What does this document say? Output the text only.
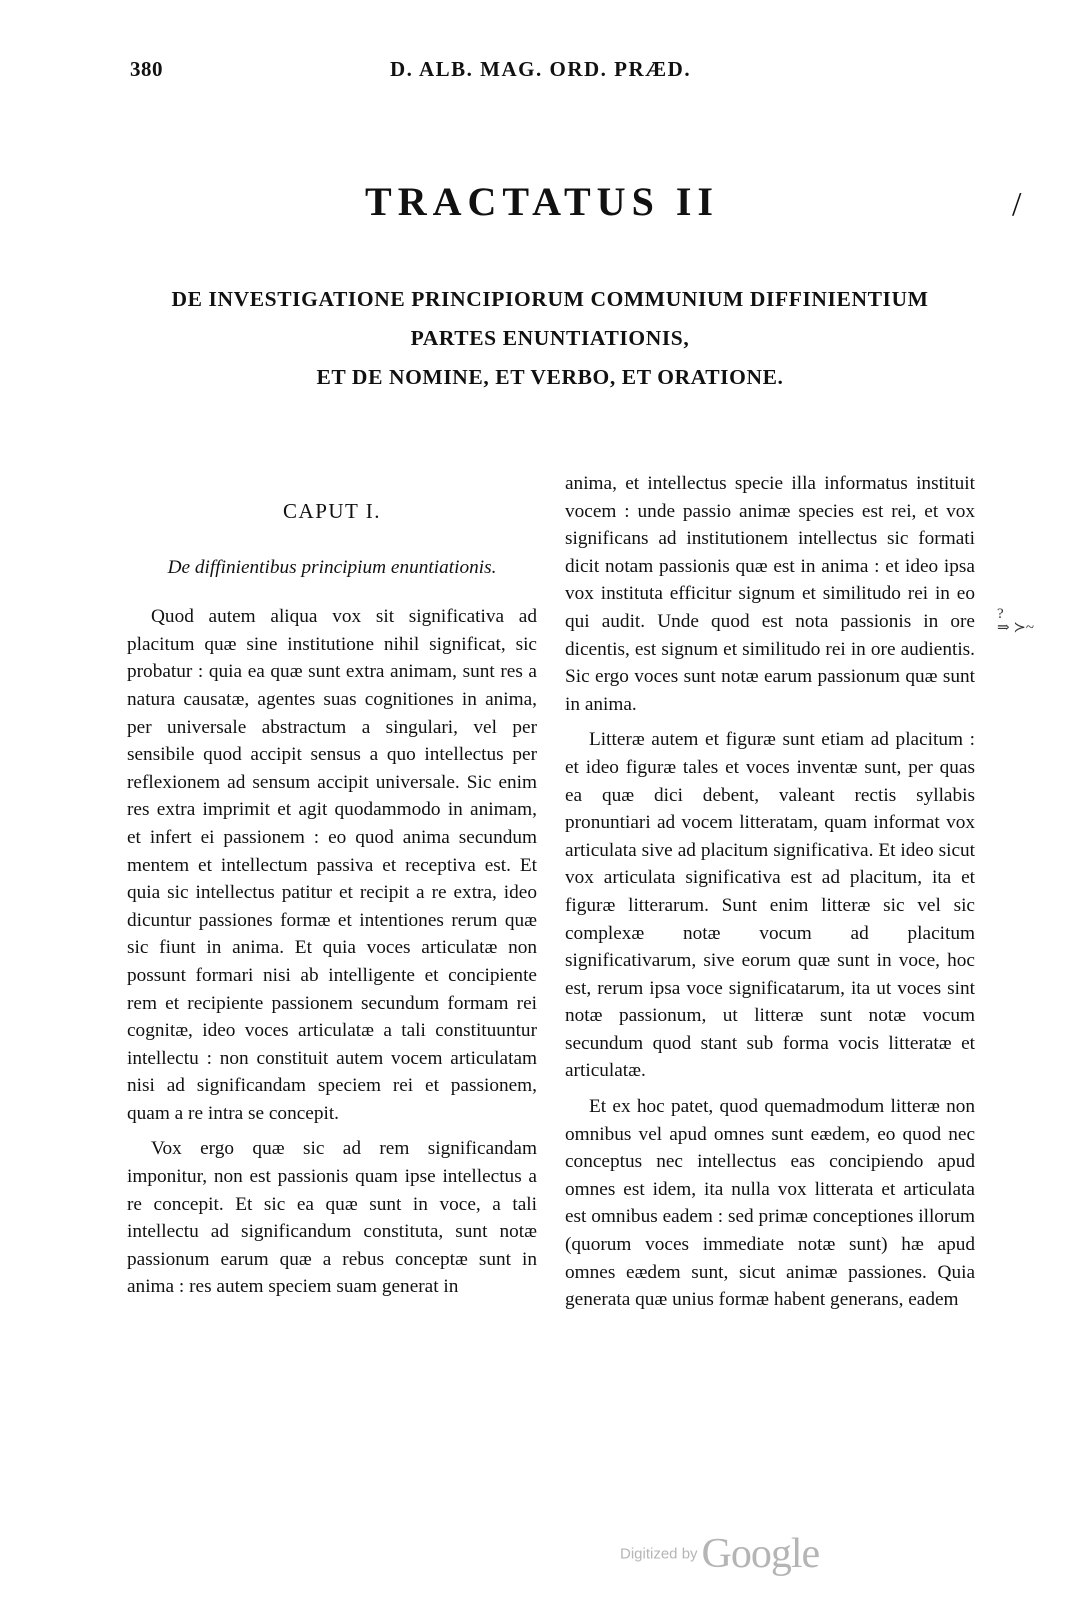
380	D. ALB. MAG. ORD. PRÆD.
TRACTATUS II	/
DE INVESTIGATIONE PRINCIPIORUM COMMUNIUM DIFFINIENTIUM
PARTES ENUNTIATIONIS,
ET DE NOMINE, ET VERBO, ET ORATIONE.
CAPUT I.
De diffinientibus principium enuntiationis.

Quod autem aliqua vox sit significativa ad placitum quæ sine institutione nihil significat, sic probatur : quia ea quæ sunt extra animam, sunt res a natura causatæ, agentes suas cognitiones in anima, per universale abstractum a singulari, vel per sensibile quod accipit sensus a quo intellectus per reflexionem ad sensum accipit universale. Sic enim res extra imprimit et agit quodammodo in animam, et infert ei passionem : eo quod anima secundum mentem et intellectum passiva et receptiva est. Et quia sic intellectus patitur et recipit a re extra, ideo dicuntur passiones formæ et intentiones rerum quæ sic fiunt in anima. Et quia voces articulatæ non possunt formari nisi ab intelligente et concipiente rem et recipiente passionem secundum formam rei cognitæ, ideo voces articulatæ a tali constituuntur intellectu : non constituit autem vocem articulatam nisi ad significandam speciem rei et passionem, quam a re intra se concepit.

Vox ergo quæ sic ad rem significandam imponitur, non est passionis quam ipse intellectus a re concepit. Et sic ea quæ sunt in voce, a tali intellectu ad significandum constituta, sunt notæ passionum earum quæ a rebus conceptæ sunt in anima : res autem speciem suam generat in

anima, et intellectus specie illa informatus instituit vocem : unde passio animæ species est rei, et vox significans ad institutionem intellectus sic formati dicit notam passionis quæ est in anima : et ideo ipsa vox instituta efficitur signum et similitudo rei in eo qui audit. Unde quod est nota passionis in ore dicentis, est signum et similitudo rei in ore audientis. Sic ergo voces sunt notæ earum passionum quæ sunt in anima.

Litteræ autem et figuræ sunt etiam ad placitum : et ideo figuræ tales et voces inventæ sunt, per quas ea quæ dici debent, valeant rectis syllabis pronuntiari ad vocem litteratam, quam informat vox articulata sive ad placitum significativa. Et ideo sicut vox articulata significativa est ad placitum, ita et figuræ litterarum. Sunt enim litteræ sic vel sic complexæ notæ vocum ad placitum significativarum, sive eorum quæ sunt in voce, hoc est, rerum ipsa voce significatarum, ita ut voces sint notæ passionum, ut litteræ sunt notæ vocum secundum quod stant sub forma vocis litteratæ et articulatæ.

Et ex hoc patet, quod quemadmodum litteræ non omnibus vel apud omnes sunt eædem, eo quod nec conceptus nec intellectus eas concipiendo apud omnes est idem, ita nulla vox litterata et articulata est omnibus eadem : sed primæ conceptiones illorum (quorum voces immediate notæ sunt) hæ apud omnes eædem sunt, sicut animæ passiones. Quia generata quæ unius formæ habent generans, eadem

?
⇒ ≻~
Digitized by Google
